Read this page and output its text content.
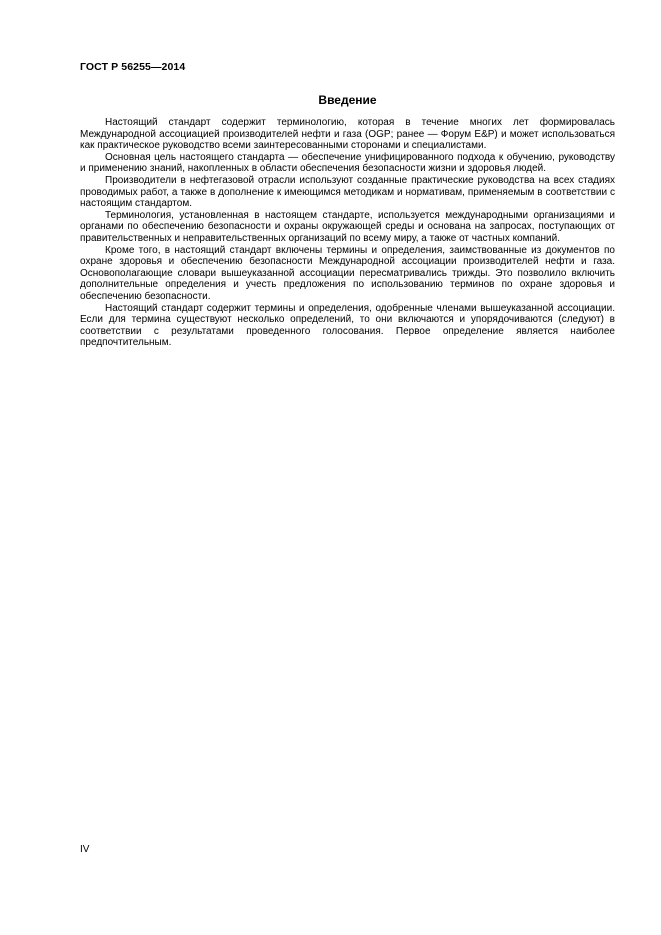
ГОСТ Р 56255—2014
Введение

Настоящий стандарт содержит терминологию, которая в течение многих лет формировалась Международной ассоциацией производителей нефти и газа (OGP; ранее — Форум E&P) и может использоваться как практическое руководство всеми заинтересованными сторонами и специалистами.

Основная цель настоящего стандарта — обеспечение унифицированного подхода к обучению, руководству и применению знаний, накопленных в области обеспечения безопасности жизни и здоровья людей.

Производители в нефтегазовой отрасли используют созданные практические руководства на всех стадиях проводимых работ, а также в дополнение к имеющимся методикам и нормативам, применяемым в соответствии с настоящим стандартом.

Терминология, установленная в настоящем стандарте, используется международными организациями и органами по обеспечению безопасности и охраны окружающей среды и основана на запросах, поступающих от правительственных и неправительственных организаций по всему миру, а также от частных компаний.

Кроме того, в настоящий стандарт включены термины и определения, заимствованные из документов по охране здоровья и обеспечению безопасности Международной ассоциации производителей нефти и газа. Основополагающие словари вышеуказанной ассоциации пересматривались трижды. Это позволило включить дополнительные определения и учесть предложения по использованию терминов по охране здоровья и обеспечению безопасности.

Настоящий стандарт содержит термины и определения, одобренные членами вышеуказанной ассоциации. Если для термина существуют несколько определений, то они включаются и упорядочиваются (следуют) в соответствии с результатами проведенного голосования. Первое определение является наиболее предпочтительным.

IV
